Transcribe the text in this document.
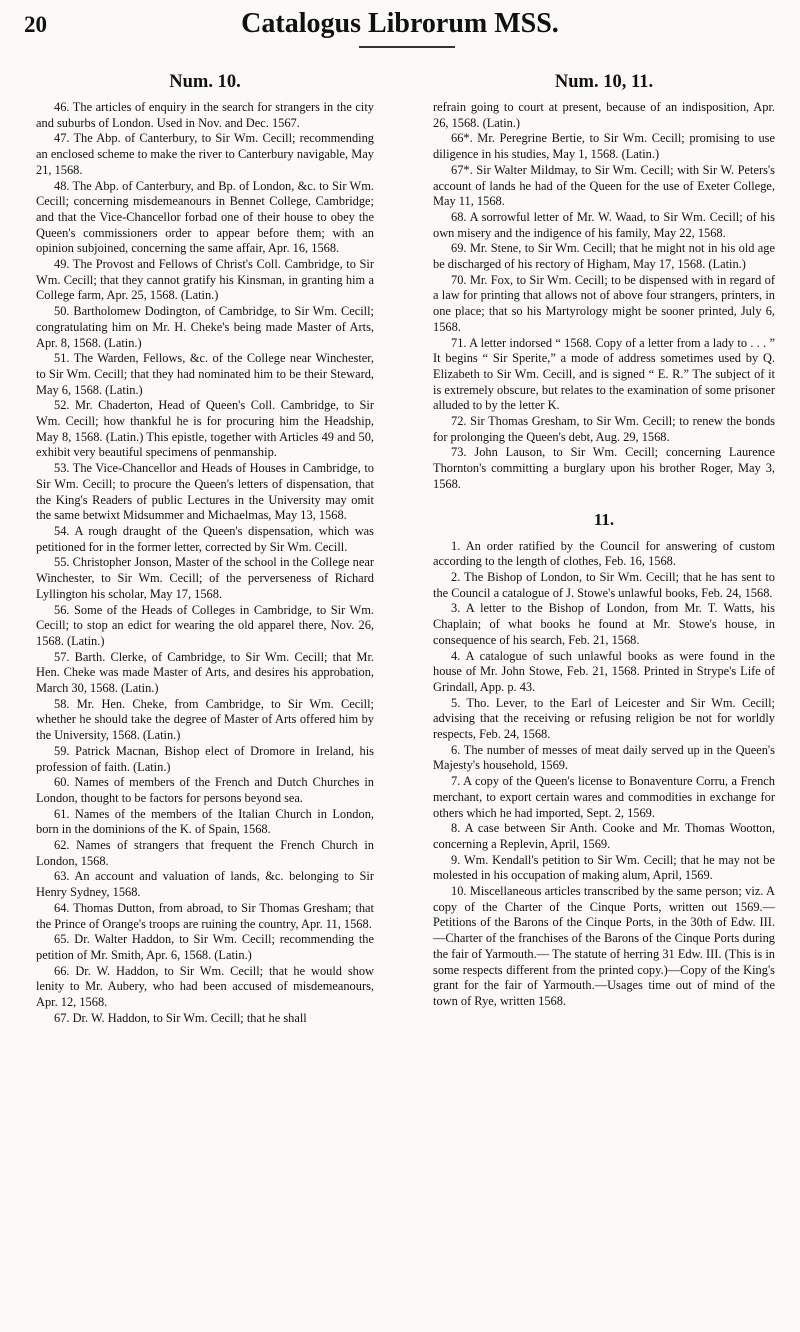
20	Catalogus Librorum MSS.
Num. 10.

46. The articles of enquiry in the search for strangers in the city and suburbs of London. Used in Nov. and Dec. 1567.

47. The Abp. of Canterbury, to Sir Wm. Cecill; recommending an enclosed scheme to make the river to Canterbury navigable, May 21, 1568.

48. The Abp. of Canterbury, and Bp. of London, &c. to Sir Wm. Cecill; concerning misdemeanours in Bennet College, Cambridge; and that the Vice-Chancellor forbad one of their house to obey the Queen's commissioners order to appear before them; with an opinion subjoined, concerning the same affair, Apr. 16, 1568.

49. The Provost and Fellows of Christ's Coll. Cambridge, to Sir Wm. Cecill; that they cannot gratify his Kinsman, in granting him a College farm, Apr. 25, 1568. (Latin.)

50. Bartholomew Dodington, of Cambridge, to Sir Wm. Cecill; congratulating him on Mr. H. Cheke's being made Master of Arts, Apr. 8, 1568. (Latin.)

51. The Warden, Fellows, &c. of the College near Winchester, to Sir Wm. Cecill; that they had nominated him to be their Steward, May 6, 1568. (Latin.)

52. Mr. Chaderton, Head of Queen's Coll. Cambridge, to Sir Wm. Cecill; how thankful he is for procuring him the Headship, May 8, 1568. (Latin.) This epistle, together with Articles 49 and 50, exhibit very beautiful specimens of penmanship.

53. The Vice-Chancellor and Heads of Houses in Cambridge, to Sir Wm. Cecill; to procure the Queen's letters of dispensation, that the King's Readers of public Lectures in the University may omit the same betwixt Midsummer and Michaelmas, May 13, 1568.

54. A rough draught of the Queen's dispensation, which was petitioned for in the former letter, corrected by Sir Wm. Cecill.

55. Christopher Jonson, Master of the school in the College near Winchester, to Sir Wm. Cecill; of the perverseness of Richard Lyllington his scholar, May 17, 1568.

56. Some of the Heads of Colleges in Cambridge, to Sir Wm. Cecill; to stop an edict for wearing the old apparel there, Nov. 26, 1568. (Latin.)

57. Barth. Clerke, of Cambridge, to Sir Wm. Cecill; that Mr. Hen. Cheke was made Master of Arts, and desires his approbation, March 30, 1568. (Latin.)

58. Mr. Hen. Cheke, from Cambridge, to Sir Wm. Cecill; whether he should take the degree of Master of Arts offered him by the University, 1568. (Latin.)

59. Patrick Macnan, Bishop elect of Dromore in Ireland, his profession of faith. (Latin.)

60. Names of members of the French and Dutch Churches in London, thought to be factors for persons beyond sea.

61. Names of the members of the Italian Church in London, born in the dominions of the K. of Spain, 1568.

62. Names of strangers that frequent the French Church in London, 1568.

63. An account and valuation of lands, &c. belonging to Sir Henry Sydney, 1568.

64. Thomas Dutton, from abroad, to Sir Thomas Gresham; that the Prince of Orange's troops are ruining the country, Apr. 11, 1568.

65. Dr. Walter Haddon, to Sir Wm. Cecill; recommending the petition of Mr. Smith, Apr. 6, 1568. (Latin.)

66. Dr. W. Haddon, to Sir Wm. Cecill; that he would show lenity to Mr. Aubery, who had been accused of misdemeanours, Apr. 12, 1568.

67. Dr. W. Haddon, to Sir Wm. Cecill; that he shall

Num. 10, 11.

refrain going to court at present, because of an indisposition, Apr. 26, 1568. (Latin.)

66*. Mr. Peregrine Bertie, to Sir Wm. Cecill; promising to use diligence in his studies, May 1, 1568. (Latin.)

67*. Sir Walter Mildmay, to Sir Wm. Cecill; with Sir W. Peters's account of lands he had of the Queen for the use of Exeter College, May 11, 1568.

68. A sorrowful letter of Mr. W. Waad, to Sir Wm. Cecill; of his own misery and the indigence of his family, May 22, 1568.

69. Mr. Stene, to Sir Wm. Cecill; that he might not in his old age be discharged of his rectory of Higham, May 17, 1568. (Latin.)

70. Mr. Fox, to Sir Wm. Cecill; to be dispensed with in regard of a law for printing that allows not of above four strangers, printers, in one place; that so his Martyrology might be sooner printed, July 6, 1568.

71. A letter indorsed “ 1568. Copy of a letter from a lady to . . . ” It begins “ Sir Sperite,” a mode of address sometimes used by Q. Elizabeth to Sir Wm. Cecill, and is signed “ E. R.” The subject of it is extremely obscure, but relates to the examination of some prisoner alluded to by the letter K.

72. Sir Thomas Gresham, to Sir Wm. Cecill; to renew the bonds for prolonging the Queen's debt, Aug. 29, 1568.

73. John Lauson, to Sir Wm. Cecill; concerning Laurence Thornton's committing a burglary upon his brother Roger, May 3, 1568.

11.

1. An order ratified by the Council for answering of custom according to the length of clothes, Feb. 16, 1568.

2. The Bishop of London, to Sir Wm. Cecill; that he has sent to the Council a catalogue of J. Stowe's unlawful books, Feb. 24, 1568.

3. A letter to the Bishop of London, from Mr. T. Watts, his Chaplain; of what books he found at Mr. Stowe's house, in consequence of his search, Feb. 21, 1568.

4. A catalogue of such unlawful books as were found in the house of Mr. John Stowe, Feb. 21, 1568. Printed in Strype's Life of Grindall, App. p. 43.

5. Tho. Lever, to the Earl of Leicester and Sir Wm. Cecill; advising that the receiving or refusing religion be not for worldly respects, Feb. 24, 1568.

6. The number of messes of meat daily served up in the Queen's Majesty's household, 1569.

7. A copy of the Queen's license to Bonaventure Corru, a French merchant, to export certain wares and commodities in exchange for others which he had imported, Sept. 2, 1569.

8. A case between Sir Anth. Cooke and Mr. Thomas Wootton, concerning a Replevin, April, 1569.

9. Wm. Kendall's petition to Sir Wm. Cecill; that he may not be molested in his occupation of making alum, April, 1569.

10. Miscellaneous articles transcribed by the same person; viz. A copy of the Charter of the Cinque Ports, written out 1569.— Petitions of the Barons of the Cinque Ports, in the 30th of Edw. III.—Charter of the franchises of the Barons of the Cinque Ports during the fair of Yarmouth.— The statute of herring 31 Edw. III. (This is in some respects different from the printed copy.)—Copy of the King's grant for the fair of Yarmouth.—Usages time out of mind of the town of Rye, written 1568.
